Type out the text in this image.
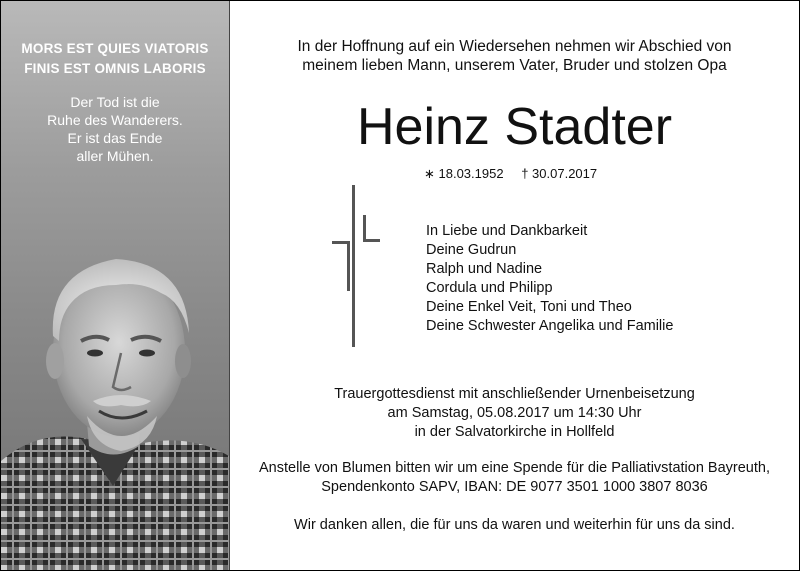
MORS EST QUIES VIATORIS
FINIS EST OMNIS LABORIS
Der Tod ist die
Ruhe des Wanderers.
Er ist das Ende
aller Mühen.
In der Hoffnung auf ein Wiedersehen nehmen wir Abschied von
meinem lieben Mann, unserem Vater, Bruder und stolzen Opa
Heinz Stadter
∗ 18.03.1952 † 30.07.2017
In Liebe und Dankbarkeit
Deine Gudrun
Ralph und Nadine
Cordula und Philipp
Deine Enkel Veit, Toni und Theo
Deine Schwester Angelika und Familie
Trauergottesdienst mit anschließender Urnenbeisetzung
am Samstag, 05.08.2017 um 14:30 Uhr
in der Salvatorkirche in Hollfeld
Anstelle von Blumen bitten wir um eine Spende für die Palliativstation Bayreuth,
Spendenkonto SAPV, IBAN: DE 9077 3501 1000 3807 8036
Wir danken allen, die für uns da waren und weiterhin für uns da sind.
